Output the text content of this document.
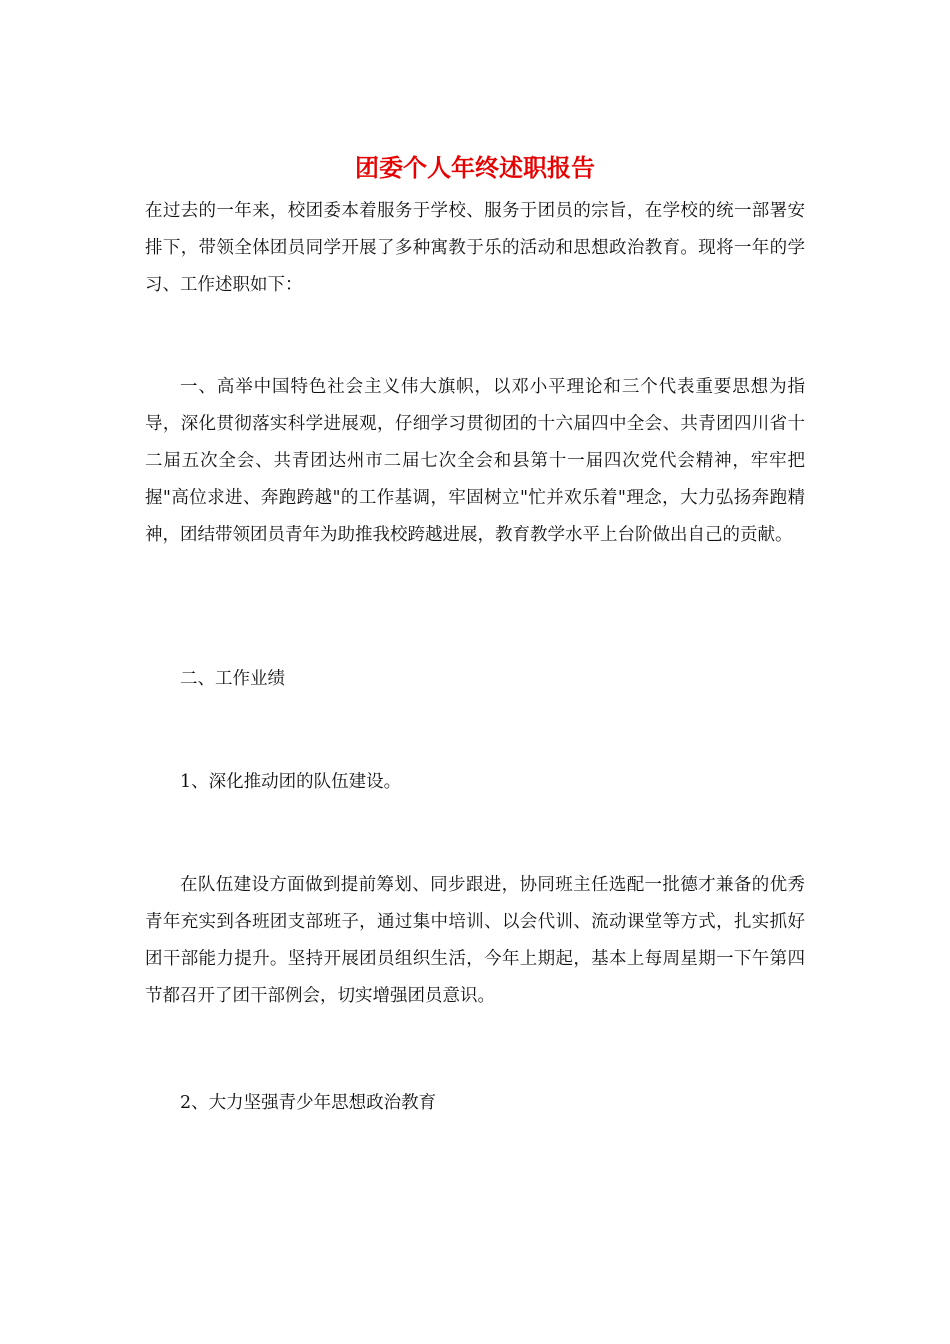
团委个人年终述职报告

在过去的一年来，校团委本着服务于学校、服务于团员的宗旨，在学校的统一部署安排下，带领全体团员同学开展了多种寓教于乐的活动和思想政治教育。现将一年的学习、工作述职如下：

一、高举中国特色社会主义伟大旗帜，以邓小平理论和三个代表重要思想为指导，深化贯彻落实科学进展观，仔细学习贯彻团的十六届四中全会、共青团四川省十二届五次全会、共青团达州市二届七次全会和县第十一届四次党代会精神，牢牢把握"高位求进、奔跑跨越"的工作基调，牢固树立"忙并欢乐着"理念，大力弘扬奔跑精神，团结带领团员青年为助推我校跨越进展，教育教学水平上台阶做出自己的贡献。

二、工作业绩

1、深化推动团的队伍建设。

在队伍建设方面做到提前筹划、同步跟进，协同班主任选配一批德才兼备的优秀青年充实到各班团支部班子，通过集中培训、以会代训、流动课堂等方式，扎实抓好团干部能力提升。坚持开展团员组织生活，今年上期起，基本上每周星期一下午第四节都召开了团干部例会，切实增强团员意识。

2、大力坚强青少年思想政治教育
